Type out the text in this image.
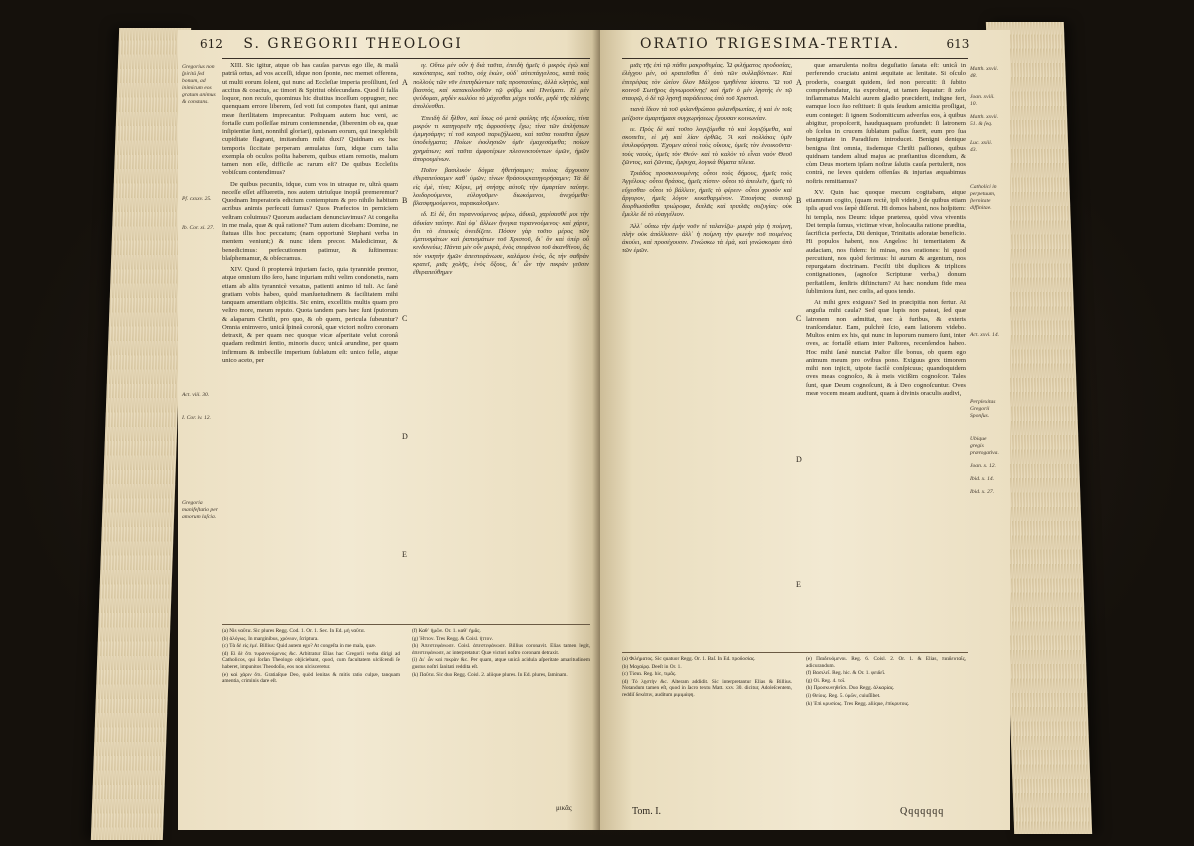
612 S. GREGORII THEOLOGI
Gregorius non ſpiritû ſed bonum, ad inimicum eos gratum animus & constans.
Pſ. cxxxv. 25.
Ib. Cor. xi. 27.
Act. viii. 30.
I. Cor. iv. 12.
Gregoria manifeſtatio per amorum laſcia.

XIII. Sic igitur, atque ob has cauſas parvus ego ille, & malâ patriâ ortus, ad vos acceſſi, idque non ſponte, nec memet offerens, ut multi eorum ſolent, qui nunc ad Eccleſiæ imperia proſiliunt, ſed accitus & coactus, ac timori & Spiritui obſecundans. Quod ſi falſa loquor, non recuſo, quominus hic diuitius inceſſum oppugner, nec quenquam errore liberem, ſed voti ſui compotes fiant, qui animæ meæ ſterilitatem imprecantur. Poſtquam autem huc veni, ac fortaſſe cum poſſeſſae mirum contemnendæ, (liberenim ob ea, quæ inſipientiæ ſunt, nonnihil gloriari), quisnam eorum, qui inexplebili cupiditate flagrant, imitandum mihi duxi? Quidnam ex hac temporis ſiccitate perperam æmulatus ſum, idque cum talia exempla ob oculos poſita haberem, quibus etiam remotis, malum tamen non eſſe, difficile ac rarum eſt? De quibus Eccleſiis vobiſcum contendimus?

De quibus pecuniis, idque, cum vos in utraque re, ultrà quam neceſſe eſſet afflueretis, nos autem utriuſque inopiâ premeremur? Quodnam Imperatoris edictum contemptum & pro nihilo habitum acribus animis perfecuti ſumus? Quos Præfectos in perniciem veſtram coluimus? Quorum audaciam denunciavimus? At congeſta in me mala, quæ & quâ ratione? Tum autem dicebam: Domine, ne ſtatuas illis hoc peccatum; (nam opportunè Stephani verba in mentem veniunt;) & nunc idem precor. Maledicimur, & benedicimus: perſecutionem patimur, & ſuſtinemus: blaſphemamur, & obſecramus.

XIV. Quod ſi proptereà injuriam facio, quia tyrannide premor, atque omnium iſto ſero, hanc injuriam mihi velim condonetis, nam etiam ab aliis tyrannicè vexatus, patienti animo id tuli. Ac ſanè gratiam vobis habeo, quòd manſuetudinem & facilitatem mihi tanquam amentiam objicitis. Sic enim, excellitis multis quam pro veſtro more, meum reputo. Quota tandem pars hæc ſunt ſputorum & alaparum Chriſti, pro quo, & ob quem, pericula ſubeuntur? Omnia enimvero, unicâ ſpineâ coronâ, quæ victori noſtro coronam detraxit, & per quam nec quoque vicæ aſperitate velut coronâ quadam redimiri ſentio, minoris duco; unicâ arundine, per quam infirmum & imbecille imperium ſublatum eſt: unico felle, atque unico aceto, per

A
B
C
D
E

ιγ. Οὕτω μὲν οὖν ἡ διὰ ταῦτα, ἐπειδὴ ἡμεῖς ὁ μικρὸς ἐγὼ καὶ κακόπατρις, καὶ τοῦτο, οὐχ ἑκὼν, οὐδ᾿ αὐτεπάγγελτος, κατὰ τοὺς πολλοὺς τῶν νῦν ἐπιπηδώντων ταῖς προστασίαις, ἀλλὰ κλητὸς, καὶ βιαστὸς, καὶ κατακολουθῶν τῷ φόβῳ καὶ Πνεύματι. Εἰ μὲν ψεύδομαι, μηδὲν κωλύοι τὸ μάχεσθαι μέχρι τοῦδε, μηδὲ τῆς πλάνης ἀπολύεσθαι.

Ἐπειδὴ δὲ ἦλθον, καὶ ἴσως οὐ μετὰ φαύλης τῆς ἐξουσίας, τίνα μικρόν τι κατηγορεῖν τῆς ἀφροσύνης ἔχω; τίνα τῶν ἀπλήστων ἐμιμησάμην; τί τοῦ καιροῦ παρεζήλωσα, καὶ ταῦτα τοιαῦτα ἔχων ὑποδείγματα; Ποίων ἐκκλησιῶν ὑμῖν ἐμαχεσάμεθα; ποίων χρημάτων; καὶ ταῦτα ἀμφοτέρων πλεονεκτούντων ὑμῶν, ἡμῶν ἀπορουμένων.

Ποῖον βασιλικὸν δόγμα ἠθετήσαμεν; ποίοις ἄρχουσιν ἐθεραπεύσαμεν καθ᾿ ὑμῶν; τίνων θράσουςκατηγορήσαμεν; Τὰ δὲ εἰς ἐμὲ, τίνα; Κύριε, μὴ στήσῃς αὐτοῖς τὴν ἁμαρτίαν ταύτην. λοιδορούμενοι, εὐλογοῦμεν· διωκόμενοι, ἀνεχόμεθα· βλασφημούμενοι, παρακαλοῦμεν.

ιδ. Εἰ δὲ, ὅτι τυραννούμενος φέρω, ἀδικῶ, χαρίσασθέ μοι τὴν ἀδικίαν ταύτην. Καὶ ὑφ᾿ ἄλλων ἤνεγκα τυραννούμενος· καὶ χάριν, ὅτι τὸ ἐπιεικὲς ὀνειδίζετε. Πόσον γὰρ τοῦτο μέρος τῶν ἐμπτυσμάτων καὶ ῥαπισμάτων τοῦ Χριστοῦ, δι᾿ ὃν καὶ ὑπὲρ οὗ κινδυνεύω; Πάντα μὲν οὖν μικρὰ, ἑνὸς στεφάνου τοῦ ἀκανθίνου, ὃς τὸν νικητὴν ἡμῶν ἀπεστεφάνωσε, καλάμου ἑνὸς, ὃς τὴν σαθρὰν κρατεῖ, μιᾶς χολῆς, ἑνὸς ὄξους, δι᾿ ὧν τὴν πικρὰν γεῦσιν ἐθεραπεύθημεν

(a) Nis ναῦτα. Sic plures Regg. Cod. 1. Or. 1. Sec. In Ed. μὴ ναῦτα.
(b) ἀλόγως. In marginibus, χρόνιον, ſcriptura.
(c) Τὰ δὲ εἰς ἐμέ. Billius: Quid autem ego? At congeſta in me mala, quæ.
(d) Εἰ δὲ ὅτι τυραννούμενος &c. Arbitratur Elias hac Gregorii verba dirigi ad Catholicos, qui ſorſan Theologo objiciebant, quod, cum facultatem ulciſcendi ſe haberet, impunitos Theodoſio, eos non ulcisceretur.
(e) καὶ χάριν ὅτι. Gratiaſque Deo, quòd lenitas & mitis ratio culpæ, tanquam amentia, criminis dare eſt.
(f) Καθ᾿ ἡμῶν. Or. 1. καθ᾿ ἡμᾶς.
(g) Ἡττον. Tres Regg. & Coisl. ἡττον.
(h) Ἀπεστεφάνωσε. Coisl. ἀπεστεφάνωσε. Billius coronavit. Elias tamen legit, ἀπεστεφάνωσε, ac interpretatur: Quæ victori noſtro coronam detraxit.
(i) Δι᾿ ὧν καὶ πικρὰν &c. Per quam, atque unicâ acidula aſperitate amaritudinem gustus noſtri ſanitati reddita eſt.
(k) Παῦτα. Sic duo Regg. Coisl. 2. aliique plures. In Ed. plures, ſaminam.
μικᾶς
ORATIO TRIGESIMA-TERTIA.	613

μιᾶς τῆς ἐπὶ τῷ πάθει μακροθυμίας. Ὦ φιλήματος προδοσίας, ἐλέγχου μὲν, οὐ κρατεῖσθαι δ᾿ ὑπὸ τῶν συλλαβόντων. Καὶ ἐπιτρέψας τὸν ὠτίον ὅλον Μάλχου τμηθέντα ἰάσατο. Ὢ τοῦ κοινοῦ Σωτῆρος ἀγνωμοσύνης! καὶ ἡμῖν ὁ μὲν λῃστὴς ἐν τῷ σταυρῷ, ὁ δὲ τῷ λῃστῇ παράδεισος ὑπὸ τοῦ Χριστοῦ.

τιανὰ ἴδιον τὰ τοῦ φιλανθρώπου φιλανθρωπίας, ἡ καὶ ἐν τοῖς μείζοσιν ἁμαρτήμασι συγχωρήσεως ἔχουσαν κοινωνίαν.

ιε. Πρὸς δὲ καὶ τοῦτο λογιζόμεθα τὸ καὶ λογιζόμεθα, καὶ σκοπεῖτε, εἰ μὴ καὶ λίαν ὀρθῶς. Ἃ καὶ πολλάκις ὑμῖν ἐσυλοφόρησα. Ἐχομεν αὐτοὶ τοὺς οἴκους, ὑμεῖς τὸν ἐνοικοῦντα· τοὺς ναοὺς, ὑμεῖς τὸν Θεόν· καὶ τὸ καλὸν τὸ εἶναι ναὸν Θεοῦ ζῶντος, καὶ ζῶντας, ἔμψυχα, λογικὰ θύματα τέλεια.

Τριάδος προσκυνουμένης οὗτοι τοὺς δήμους, ἡμεῖς τοὺς Ἀγγέλους· οὗτοι θράσος, ἡμεῖς πίστιν· οὗτοι τὸ ἀπειλεῖν, ἡμεῖς τὸ εὔχεσθαι· οὗτοι τὸ βάλλειν, ἡμεῖς τὸ φέρειν· οὗτοι χρυσὸν καὶ ἄργυρον, ἡμεῖς λόγον κεκαθαρμένον. Ἐποιήσας σεαυτῷ διορθωσάσθαι τριώροφα, διπλᾶς καὶ τριπλᾶς συζυγίας· οὐκ ἔμελλε δὲ τὸ εὐαγγέλιον.

Ἀλλ᾿ οὔπω τὴν ἐμὴν νοῦν τέ ταλανίζω· μικρὰ γὰρ ἡ ποίμνη, πλὴν οὐκ ἀπόλλυσιν· ἀλλ᾿ ἡ ποίμνη τὴν φωνὴν τοῦ ποιμένος ἀκούει, καὶ προσέχουσιν. Γινώσκω τὰ ἐμὰ, καὶ γινώσκομαι ὑπὸ τῶν ἐμῶν.

A
B
C
D
E

quæ amarulenta noſtra deguſtatio ſanata eſt: unicâ in perferendo cruciatu animi æquitate ac lenitate. Si oſculo proderis, coarguit quidem, ſed non percutit: ſi ſubito comprehendatur, ita exprobrat, ut tamen ſequatur: ſi zelo inflammatus Malchi aurem gladio præciderit, indigne fert, eamque loco ſuo reſtituet: ſi quis ſeudum amicitia proſligat, eum conteget: ſi ignem Sodomiticum adverſus eos, à quibus abigitur, propoſcerit, haudquaquam profundet: ſi latronem ob ſcelus in crucem ſublatum paſſus ſuerit, eum pro ſua benignitate in Paradiſum introducet. Benigni denique benigna ſint omnia, iisdemque Chriſti paſſiones, quibus quidnam tandem aliud majus ac præſtantius dicendum, & cùm Deus mortem ipſam noſtræ ſalutis cauſa pertulerit, nos contrà, ne leves quidem offenſas & injurias æquabimus noſtris remittamus?

XV. Quin hac quoque mecum cogitabam, atque etiamnum cogito, (quam rectè, ipſi videte,) de quibus etiam ipſis apud vos ſæpè diſſerui. Hi domos habent, nos hoſpitem: hi templa, nos Deum: idque præterea, quòd viva viventis Dei templa ſumus, victimæ vivæ, holocauſta ratione prædita, ſacrificia perfecta, Dii denique, Trinitatis adoratæ beneficio. Hi populos habent, nos Angelos: hi temeritatem & audaciam, nos fidem: hi minas, nos orationes: hi quod percutiunt, nos quòd ferimus: hi aurum & argentum, nos repurgatam doctrinam. Feciſti tibi duplices & triplices contignationes, (agnoſce Scripturæ verba,) donum perſtatilem, ſenſtris diſtinctum? At hæc nondum fide mea ſublimiora ſunt, nec cœlis, ad quos tendo.

At mihi grex exiguus? Sed in præcipitia non fertur. At anguſta mihi caula? Sed quæ lupis non pateat, ſed quæ latronem non admittat, nec à furibus, & exteris tranſcendatur. Eam, pulchrè ſcio, eam latiorem videbo. Multos enim ex his, qui nunc in luporum numero ſunt, inter oves, ac fortaſſè etiam inter Paſtores, recenſendos habeo. Hoc mihi ſanè nunciat Paſtor ille bonus, ob quem ego animum meum pro ovibus pono. Exiguus grex timorem mihi non injicit, utpote facilè conſpicuus; quandoquidem oves meas cognoſco, & à meis vicißim cognoſcor. Tales ſunt, quæ Deum cognoſcunt, & à Deo cognoſcuntur. Oves meæ vocem meam audiunt, quam à divinis oraculis audivi,

Matth. xxvii. 48.
Joan. xviii. 10.
Matth. xxvii. 51. & ſeq.
Luc. xxiii. 43.
Catholici in perpetuum, ſternitate diffinitae.
Act. xxvi. 14.
Perplexitas Gregorii Sponſus.
Ubique gregis prærogativa.
Joan. x. 12.
Ibid. x. 14.
Ibid. x. 27.
(a) Φιλήματος. Sic quatuor Regg. Or. 1. Baſ. In Ed. προδοσίας.
(b) Μαχαίρᾳ. Deeſt in Or. 1.
(c) Τίσαι. Reg. hic, τιμᾶς.
(d) Τὸ λῃστὴν &c. Alteram addidit. Sic interpretantur Elias & Billius. Notandum tamen eſt, quod in ſacro textu Matt. xxv. 30. dicitur, Adoleſcentem, reddiſ δεκάπιν, auditum ριμιμάφη.
(e) Παιδευόμενοι. Reg. 6. Coisl. 2. Or. 1. & Elias, παιδευταῖς, adicurandum.
(f) Βασιλεῖ. Reg. hic. & Or. 1. φειδεῖ.
(g) Οἱ. Reg. 4. τοῖ.
(h) Προσκυνηθεῖσι. Duo Regg. ἀλκαρίας.
(i) Θείοις. Reg. 5. ὑμῶν, cuiuſſibet.
(k) Ἐπὶ κρυσίοις. Tres Regg. aliique, ἐπίκρυτοις.
Tom. I.	Qqqqqqq
